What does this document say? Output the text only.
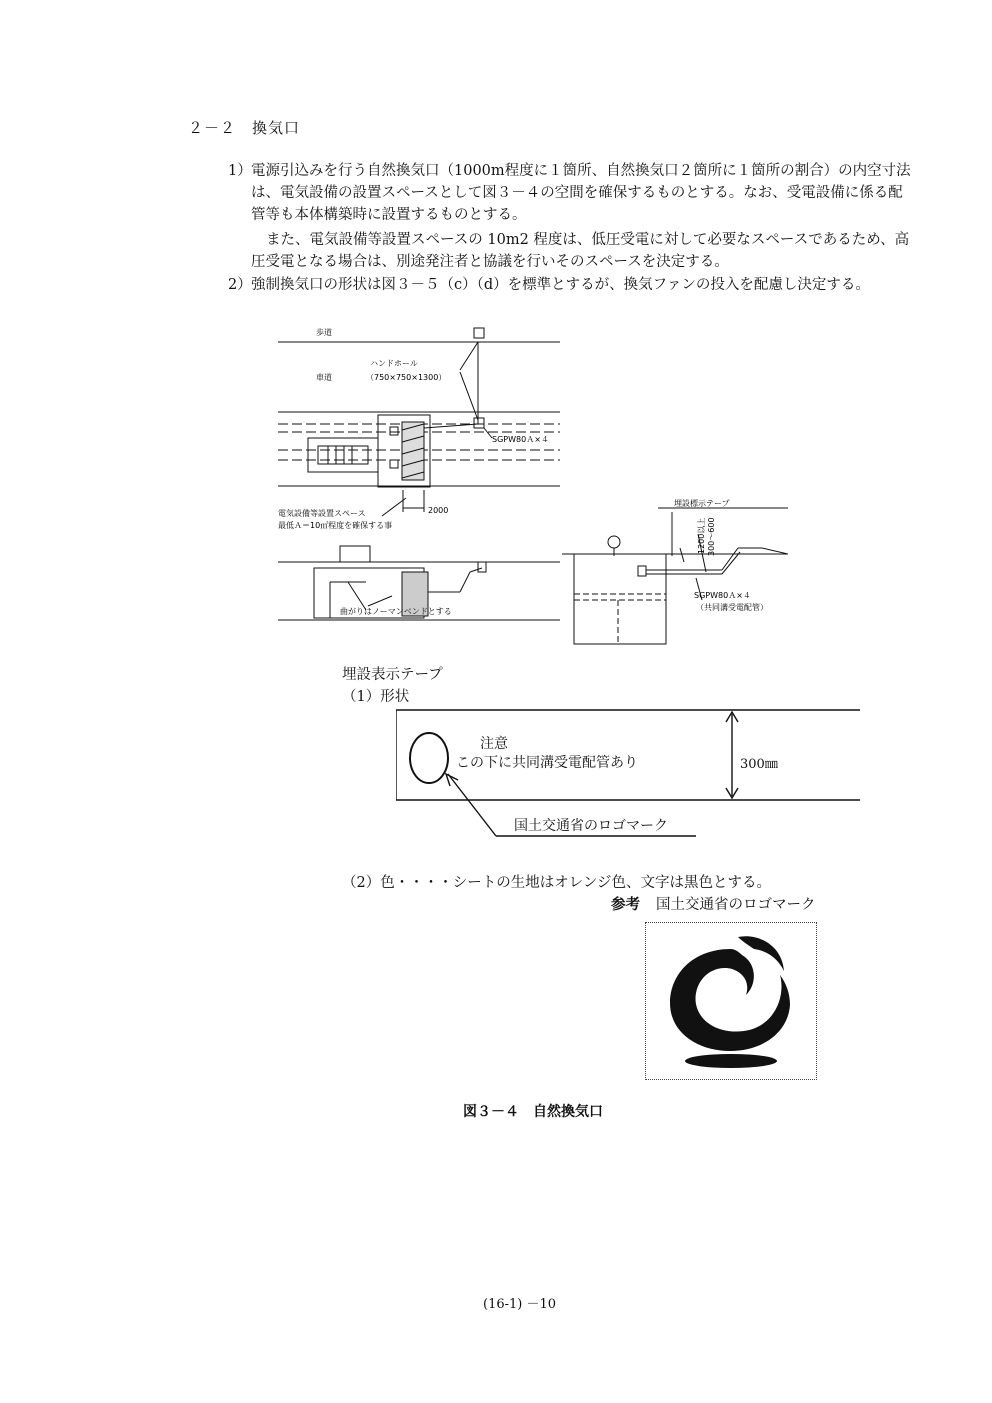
２－２　換気口
1） 電源引込みを行う自然換気口（1000m程度に１箇所、自然換気口２箇所に１箇所の割合）の内空寸法
は、電気設備の設置スペースとして図３－４の空間を確保するものとする。なお、受電設備に係る配
管等も本体構築時に設置するものとする。
また、電気設備等設置スペースの 10m2 程度は、低圧受電に対して必要なスペースであるため、高
圧受電となる場合は、別途発注者と協議を行いそのスペースを決定する。
2） 強制換気口の形状は図３－５（c）（d）を標準とするが、換気ファンの投入を配慮し決定する。
歩道
車道
ハンドホール
（750×750×1300）
SGPW80Ａ×４
2000
電気設備等設置スペース
最低Ａ＝10㎡程度を確保する事
曲がりはノーマンベンドとする
埋設標示テープ
1200以上 300～600
SGPW80Ａ×４
（共同溝受電配管）
埋設表示テープ
（1）形状
注意
この下に共同溝受電配管あり	300㎜
国土交通省のロゴマーク
（2）色・・・・シートの生地はオレンジ色、文字は黒色とする。
参考 国土交通省のロゴマーク
図３－４　自然換気口
(16-1) －10
